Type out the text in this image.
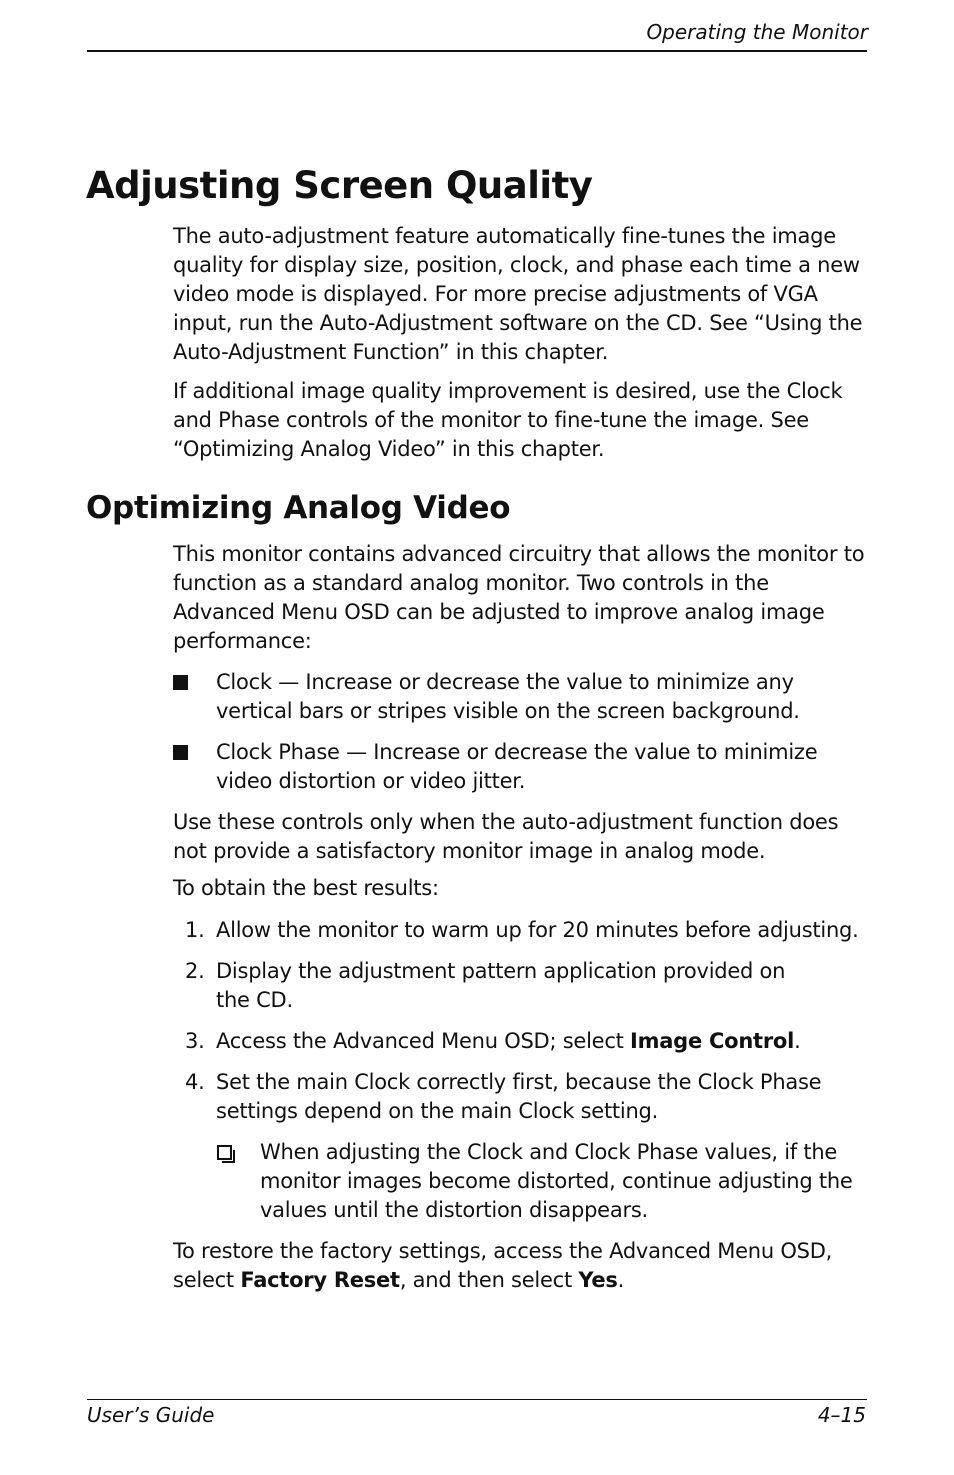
Operating the Monitor
Adjusting Screen Quality

The auto-adjustment feature automatically fine-tunes the image quality for display size, position, clock, and phase each time a new video mode is displayed. For more precise adjustments of VGA input, run the Auto-Adjustment software on the CD. See “Using the Auto-Adjustment Function” in this chapter.

If additional image quality improvement is desired, use the Clock and Phase controls of the monitor to fine-tune the image. See “Optimizing Analog Video” in this chapter.

Optimizing Analog Video

This monitor contains advanced circuitry that allows the monitor to function as a standard analog monitor. Two controls in the Advanced Menu OSD can be adjusted to improve analog image performance:

Clock — Increase or decrease the value to minimize any vertical bars or stripes visible on the screen background.
Clock Phase — Increase or decrease the value to minimize video distortion or video jitter.

Use these controls only when the auto-adjustment function does not provide a satisfactory monitor image in analog mode.

To obtain the best results:

1. Allow the monitor to warm up for 20 minutes before adjusting.
2. Display the adjustment pattern application provided on the CD.
3. Access the Advanced Menu OSD; select Image Control.
4. Set the main Clock correctly first, because the Clock Phase settings depend on the main Clock setting.
When adjusting the Clock and Clock Phase values, if the monitor images become distorted, continue adjusting the values until the distortion disappears.

To restore the factory settings, access the Advanced Menu OSD, select Factory Reset, and then select Yes.

User’s Guide	4–15
